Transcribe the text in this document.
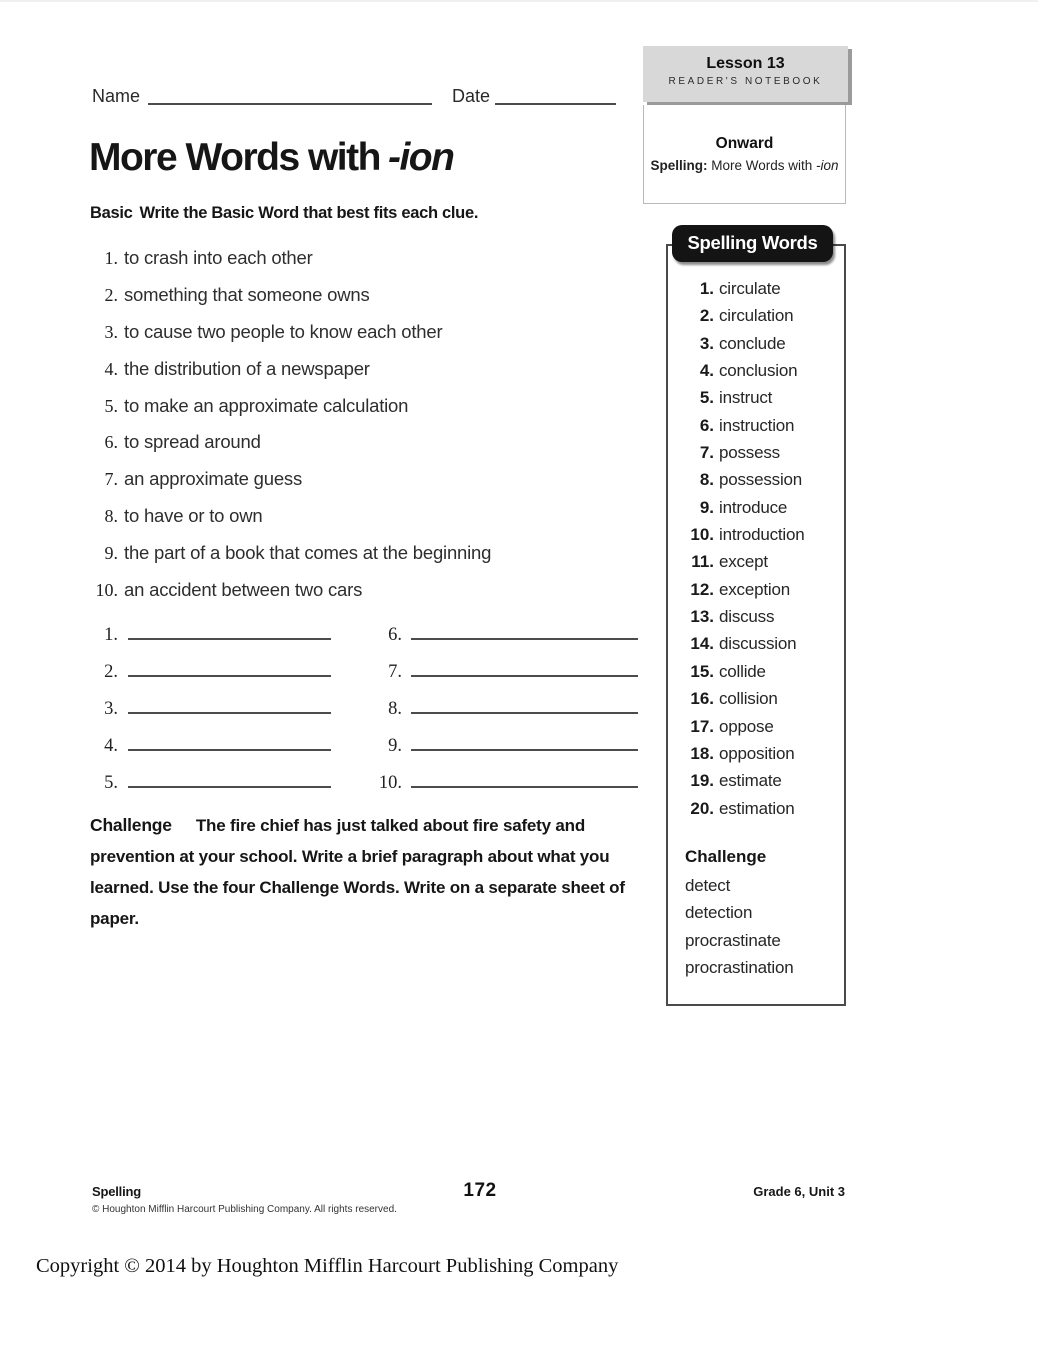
Name	Date
Lesson 13
READER'S NOTEBOOK
Onward
Spelling: More Words with -ion
More Words with -ion
Basic Write the Basic Word that best fits each clue.
1. to crash into each other
2. something that someone owns
3. to cause two people to know each other
4. the distribution of a newspaper
5. to make an approximate calculation
6. to spread around
7. an approximate guess
8. to have or to own
9. the part of a book that comes at the beginning
10. an accident between two cars
1.
2.
3.
4.
5.
6.
7.
8.
9.
10.
Challenge The fire chief has just talked about fire safety and prevention at your school. Write a brief paragraph about what you learned. Use the four Challenge Words. Write on a separate sheet of paper.
Spelling Words
1. circulate
2. circulation
3. conclude
4. conclusion
5. instruct
6. instruction
7. possess
8. possession
9. introduce
10. introduction
11. except
12. exception
13. discuss
14. discussion
15. collide
16. collision
17. oppose
18. opposition
19. estimate
20. estimation
Challenge
detect
detection
procrastinate
procrastination
Spelling
© Houghton Mifflin Harcourt Publishing Company. All rights reserved.
172	Grade 6, Unit 3
Copyright © 2014 by Houghton Mifflin Harcourt Publishing Company
